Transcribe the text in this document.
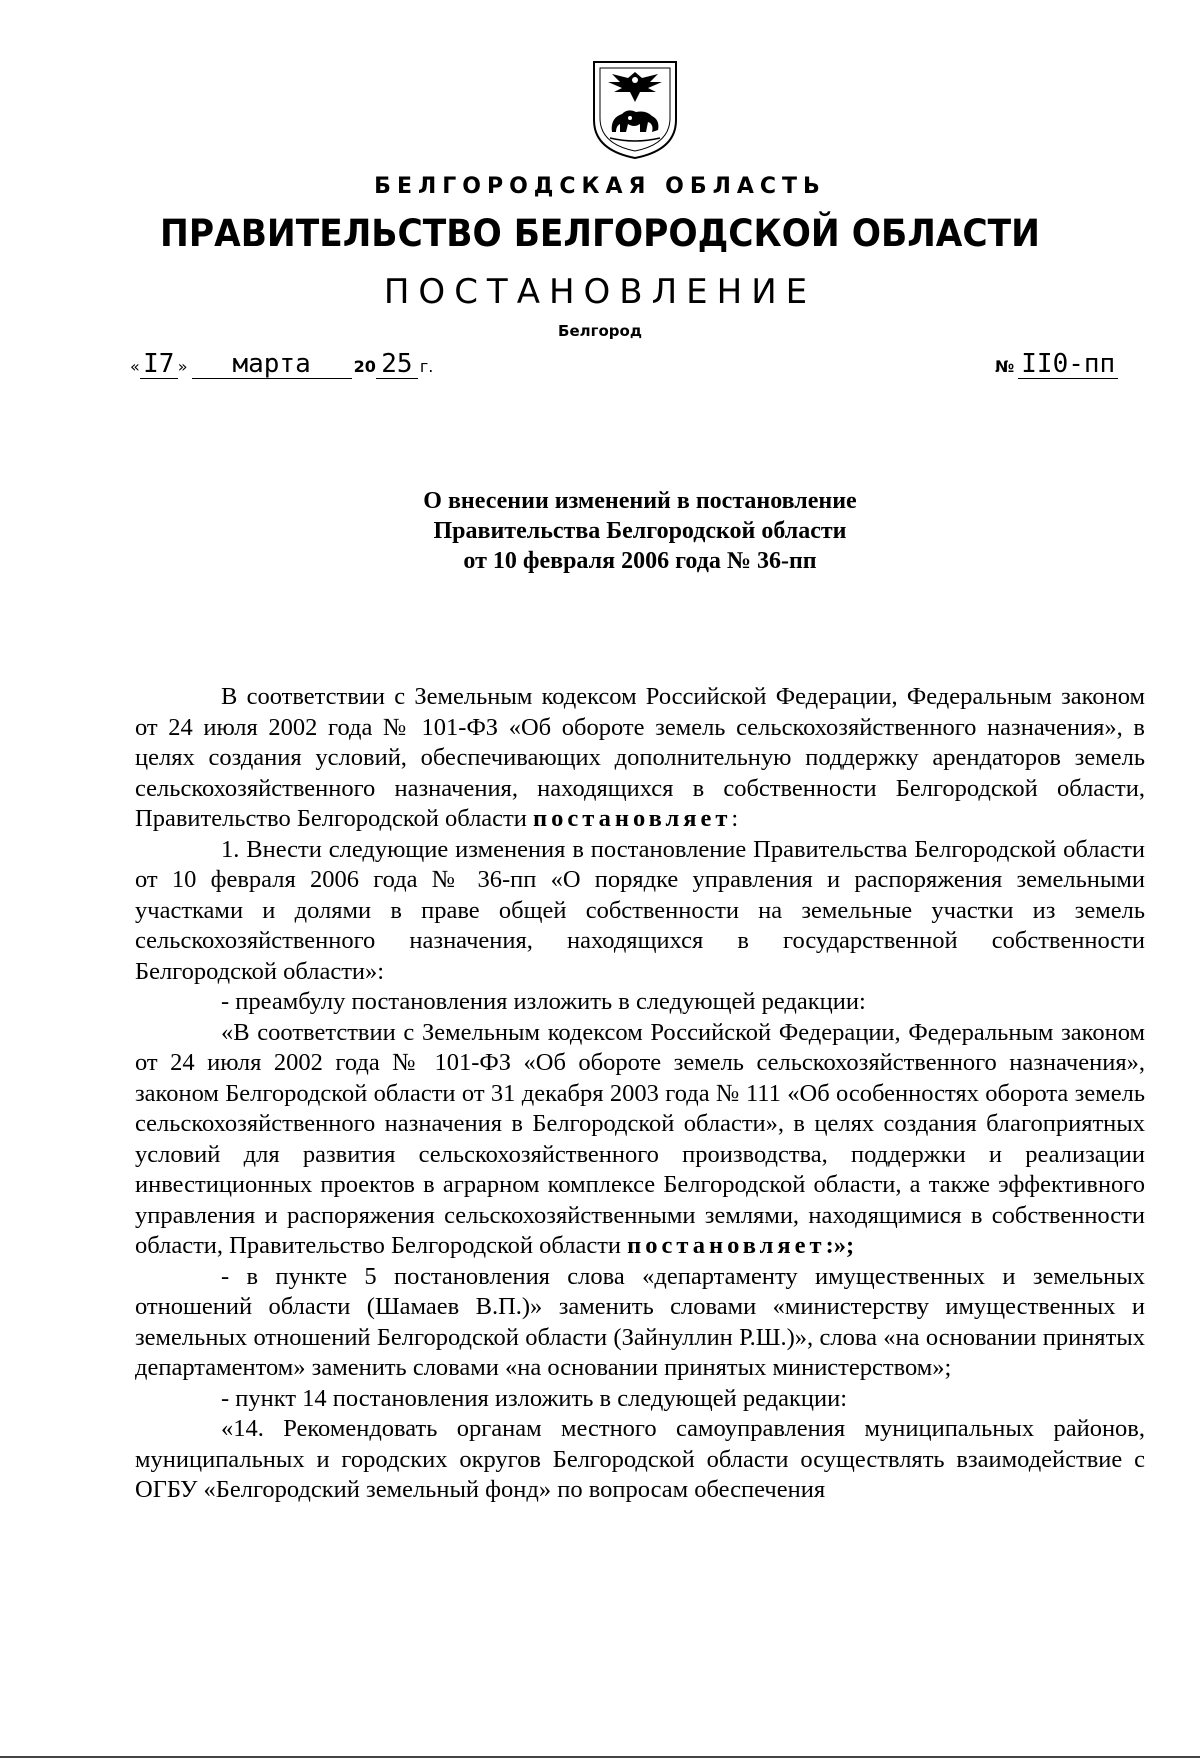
БЕЛГОРОДСКАЯ ОБЛАСТЬ
ПРАВИТЕЛЬСТВО БЕЛГОРОДСКОЙ ОБЛАСТИ
ПОСТАНОВЛЕНИЕ
Белгород
« I7 » марта	20 25 г.	№ II0-пп
О внесении изменений в постановление
Правительства Белгородской области
от 10 февраля 2006 года № 36-пп

В соответствии с Земельным кодексом Российской Федерации, Федеральным законом от 24 июля 2002 года № 101-ФЗ «Об обороте земель сельскохозяйственного назначения», в целях создания условий, обеспечивающих дополнительную поддержку арендаторов земель сельскохозяйственного назначения, находящихся в собственности Белгородской области, Правительство Белгородской области постановляет:

1. Внести следующие изменения в постановление Правительства Белгородской области от 10 февраля 2006 года № 36-пп «О порядке управления и распоряжения земельными участками и долями в праве общей собственности на земельные участки из земель сельскохозяйственного назначения, находящихся в государственной собственности Белгородской области»:

- преамбулу постановления изложить в следующей редакции:

«В соответствии с Земельным кодексом Российской Федерации, Федеральным законом от 24 июля 2002 года № 101-ФЗ «Об обороте земель сельскохозяйственного назначения», законом Белгородской области от 31 декабря 2003 года № 111 «Об особенностях оборота земель сельскохозяйственного назначения в Белгородской области», в целях создания благоприятных условий для развития сельскохозяйственного производства, поддержки и реализации инвестиционных проектов в аграрном комплексе Белгородской области, а также эффективного управления и распоряжения сельскохозяйственными землями, находящимися в собственности области, Правительство Белгородской области постановляет:»;

- в пункте 5 постановления слова «департаменту имущественных и земельных отношений области (Шамаев В.П.)» заменить словами «министерству имущественных и земельных отношений Белгородской области (Зайнуллин Р.Ш.)», слова «на основании принятых департаментом» заменить словами «на основании принятых министерством»;

- пункт 14 постановления изложить в следующей редакции:

«14. Рекомендовать органам местного самоуправления муниципальных районов, муниципальных и городских округов Белгородской области осуществлять взаимодействие с ОГБУ «Белгородский земельный фонд» по вопросам обеспечения
